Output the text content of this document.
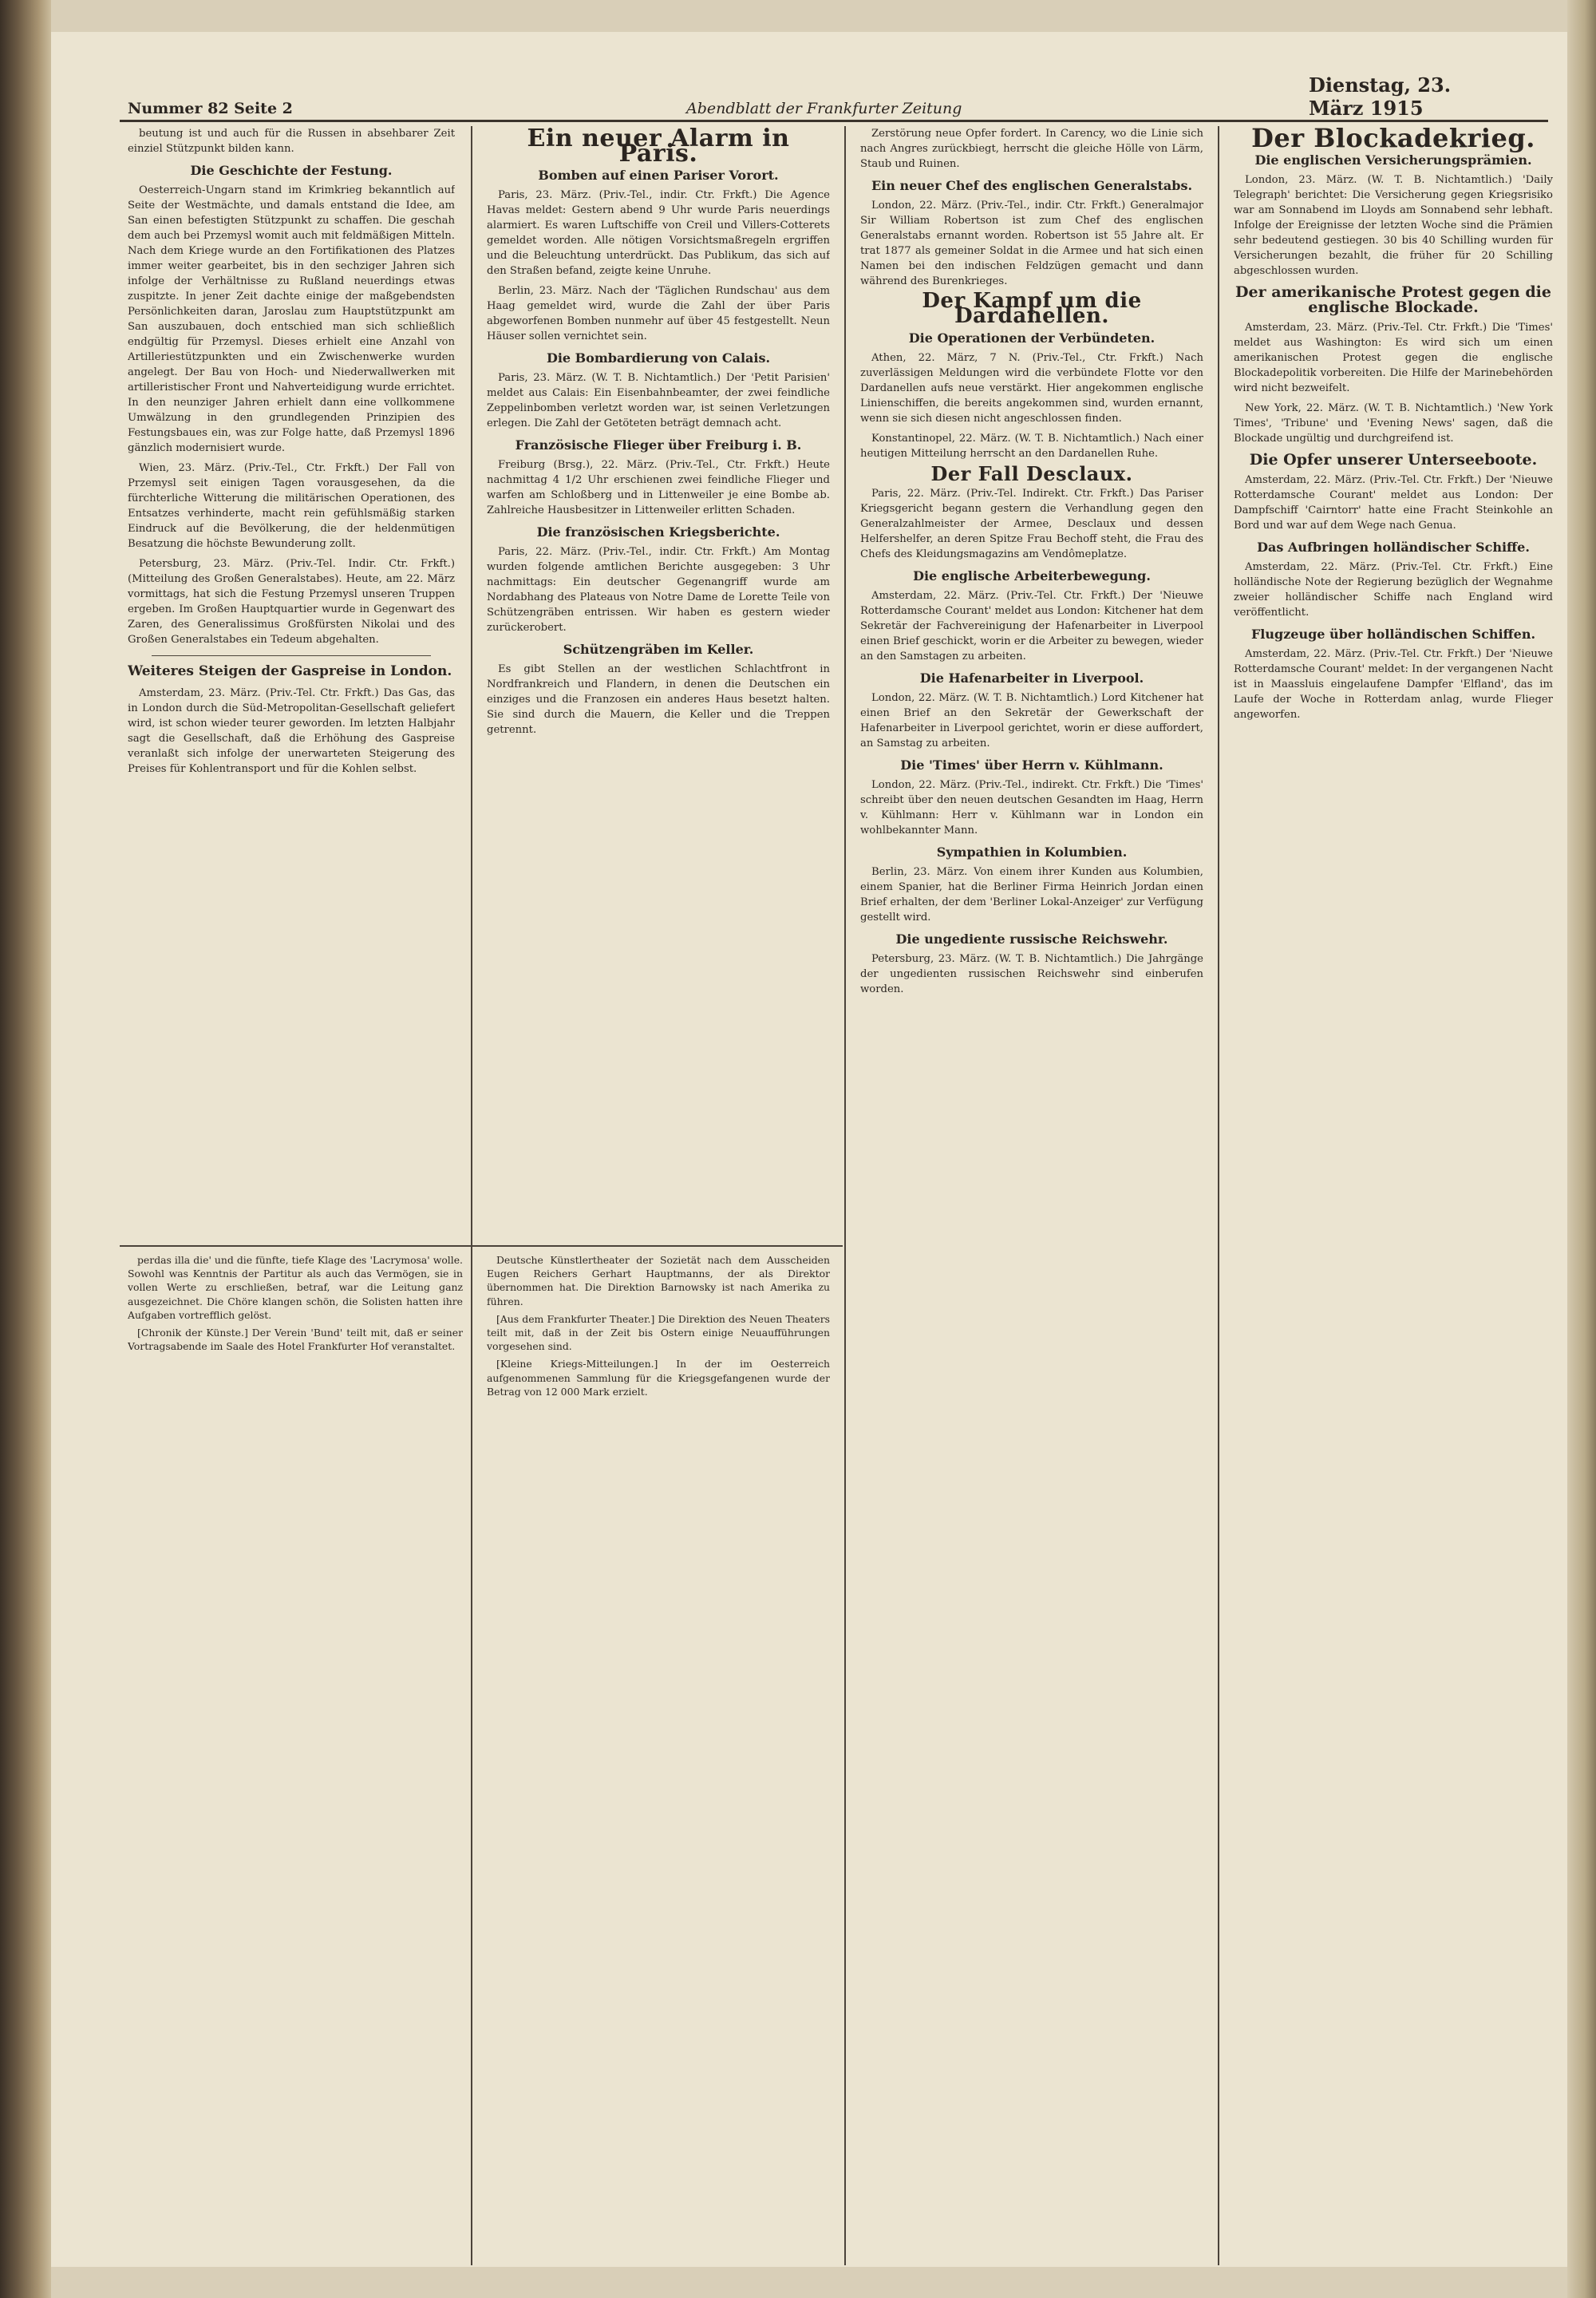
Nummer 82 Seite 2	Abendblatt der Frankfurter Zeitung
Dienstag, 23. März 1915

beutung ist und auch für die Russen in absehbarer Zeit einziel Stützpunkt bilden kann.

Die Geschichte der Festung.

Oesterreich-Ungarn stand im Krimkrieg bekanntlich auf Seite der Westmächte, und damals entstand die Idee, am San einen befestigten Stützpunkt zu schaffen. Die geschah dem auch bei Przemysl womit auch mit feldmäßigen Mitteln. Nach dem Kriege wurde an den Fortifikationen des Platzes immer weiter gearbeitet, bis in den sechziger Jahren sich infolge der Verhältnisse zu Rußland neuerdings etwas zuspitzte. In jener Zeit dachte einige der maßgebendsten Persönlichkeiten daran, Jaroslau zum Hauptstützpunkt am San auszubauen, doch entschied man sich schließlich endgültig für Przemysl. Dieses erhielt eine Anzahl von Artilleriestützpunkten und ein Zwischenwerke wurden angelegt. Der Bau von Hoch- und Niederwallwerken mit artilleristischer Front und Nahverteidigung wurde errichtet. In den neunziger Jahren erhielt dann eine vollkommene Umwälzung in den grundlegenden Prinzipien des Festungsbaues ein, was zur Folge hatte, daß Przemysl 1896 gänzlich modernisiert wurde.

Wien, 23. März. (Priv.-Tel., Ctr. Frkft.) Der Fall von Przemysl seit einigen Tagen vorausgesehen, da die fürchterliche Witterung die militärischen Operationen, des Entsatzes verhinderte, macht rein gefühlsmäßig starken Eindruck auf die Bevölkerung, die der heldenmütigen Besatzung die höchste Bewunderung zollt.

Petersburg, 23. März. (Priv.-Tel. Indir. Ctr. Frkft.) (Mitteilung des Großen Generalstabes). Heute, am 22. März vormittags, hat sich die Festung Przemysl unseren Truppen ergeben. Im Großen Hauptquartier wurde in Gegenwart des Zaren, des Generalissimus Großfürsten Nikolai und des Großen Generalstabes ein Tedeum abgehalten.

Weiteres Steigen der Gaspreise in London.

Amsterdam, 23. März. (Priv.-Tel. Ctr. Frkft.) Das Gas, das in London durch die Süd-Metropolitan-Gesellschaft geliefert wird, ist schon wieder teurer geworden. Im letzten Halbjahr sagt die Gesellschaft, daß die Erhöhung des Gaspreise veranlaßt sich infolge der unerwarteten Steigerung des Preises für Kohlentransport und für die Kohlen selbst.

Ein neuer Alarm in Paris.
Bomben auf einen Pariser Vorort.

Paris, 23. März. (Priv.-Tel., indir. Ctr. Frkft.) Die Agence Havas meldet: Gestern abend 9 Uhr wurde Paris neuerdings alarmiert. Es waren Luftschiffe von Creil und Villers-Cotterets gemeldet worden. Alle nötigen Vorsichtsmaßregeln ergriffen und die Beleuchtung unterdrückt. Das Publikum, das sich auf den Straßen befand, zeigte keine Unruhe.

Berlin, 23. März. Nach der 'Täglichen Rundschau' aus dem Haag gemeldet wird, wurde die Zahl der über Paris abgeworfenen Bomben nunmehr auf über 45 festgestellt. Neun Häuser sollen vernichtet sein.

Die Bombardierung von Calais.

Paris, 23. März. (W. T. B. Nichtamtlich.) Der 'Petit Parisien' meldet aus Calais: Ein Eisenbahnbeamter, der zwei feindliche Zeppelinbomben verletzt worden war, ist seinen Verletzungen erlegen. Die Zahl der Getöteten beträgt demnach acht.

Französische Flieger über Freiburg i. B.

Freiburg (Brsg.), 22. März. (Priv.-Tel., Ctr. Frkft.) Heute nachmittag 4 1/2 Uhr erschienen zwei feindliche Flieger und warfen am Schloßberg und in Littenweiler je eine Bombe ab. Zahlreiche Hausbesitzer in Littenweiler erlitten Schaden.

Die französischen Kriegsberichte.

Paris, 22. März. (Priv.-Tel., indir. Ctr. Frkft.) Am Montag wurden folgende amtlichen Berichte ausgegeben: 3 Uhr nachmittags: Ein deutscher Gegenangriff wurde am Nordabhang des Plateaus von Notre Dame de Lorette Teile von Schützengräben entrissen. Wir haben es gestern wieder zurückerobert.

Schützengräben im Keller.

Es gibt Stellen an der westlichen Schlachtfront in Nordfrankreich und Flandern, in denen die Deutschen ein einziges und die Franzosen ein anderes Haus besetzt halten. Sie sind durch die Mauern, die Keller und die Treppen getrennt.

Zerstörung neue Opfer fordert. In Carency, wo die Linie sich nach Angres zurückbiegt, herrscht die gleiche Hölle von Lärm, Staub und Ruinen.

Ein neuer Chef des englischen Generalstabs.

London, 22. März. (Priv.-Tel., indir. Ctr. Frkft.) Generalmajor Sir William Robertson ist zum Chef des englischen Generalstabs ernannt worden. Robertson ist 55 Jahre alt. Er trat 1877 als gemeiner Soldat in die Armee und hat sich einen Namen bei den indischen Feldzügen gemacht und dann während des Burenkrieges.

Der Kampf um die Dardanellen.
Die Operationen der Verbündeten.

Athen, 22. März, 7 N. (Priv.-Tel., Ctr. Frkft.) Nach zuverlässigen Meldungen wird die verbündete Flotte vor den Dardanellen aufs neue verstärkt. Hier angekommen englische Linienschiffen, die bereits angekommen sind, wurden ernannt, wenn sie sich diesen nicht angeschlossen finden.

Konstantinopel, 22. März. (W. T. B. Nichtamtlich.) Nach einer heutigen Mitteilung herrscht an den Dardanellen Ruhe.

Der Fall Desclaux.

Paris, 22. März. (Priv.-Tel. Indirekt. Ctr. Frkft.) Das Pariser Kriegsgericht begann gestern die Verhandlung gegen den Generalzahlmeister der Armee, Desclaux und dessen Helfershelfer, an deren Spitze Frau Bechoff steht, die Frau des Chefs des Kleidungsmagazins am Vendômeplatze.

Die englische Arbeiterbewegung.

Amsterdam, 22. März. (Priv.-Tel. Ctr. Frkft.) Der 'Nieuwe Rotterdamsche Courant' meldet aus London: Kitchener hat dem Sekretär der Fachvereinigung der Hafenarbeiter in Liverpool einen Brief geschickt, worin er die Arbeiter zu bewegen, wieder an den Samstagen zu arbeiten.

Die Hafenarbeiter in Liverpool.

London, 22. März. (W. T. B. Nichtamtlich.) Lord Kitchener hat einen Brief an den Sekretär der Gewerkschaft der Hafenarbeiter in Liverpool gerichtet, worin er diese auffordert, an Samstag zu arbeiten.

Die 'Times' über Herrn v. Kühlmann.

London, 22. März. (Priv.-Tel., indirekt. Ctr. Frkft.) Die 'Times' schreibt über den neuen deutschen Gesandten im Haag, Herrn v. Kühlmann: Herr v. Kühlmann war in London ein wohlbekannter Mann.

Sympathien in Kolumbien.

Berlin, 23. März. Von einem ihrer Kunden aus Kolumbien, einem Spanier, hat die Berliner Firma Heinrich Jordan einen Brief erhalten, der dem 'Berliner Lokal-Anzeiger' zur Verfügung gestellt wird.

Die ungediente russische Reichswehr.

Petersburg, 23. März. (W. T. B. Nichtamtlich.) Die Jahrgänge der ungedienten russischen Reichswehr sind einberufen worden.

Der Blockadekrieg.
Die englischen Versicherungsprämien.

London, 23. März. (W. T. B. Nichtamtlich.) 'Daily Telegraph' berichtet: Die Versicherung gegen Kriegsrisiko war am Sonnabend im Lloyds am Sonnabend sehr lebhaft. Infolge der Ereignisse der letzten Woche sind die Prämien sehr bedeutend gestiegen. 30 bis 40 Schilling wurden für Versicherungen bezahlt, die früher für 20 Schilling abgeschlossen wurden.

Der amerikanische Protest gegen die englische Blockade.

Amsterdam, 23. März. (Priv.-Tel. Ctr. Frkft.) Die 'Times' meldet aus Washington: Es wird sich um einen amerikanischen Protest gegen die englische Blockadepolitik vorbereiten. Die Hilfe der Marinebehörden wird nicht bezweifelt.

New York, 22. März. (W. T. B. Nichtamtlich.) 'New York Times', 'Tribune' und 'Evening News' sagen, daß die Blockade ungültig und durchgreifend ist.

Die Opfer unserer Unterseeboote.

Amsterdam, 22. März. (Priv.-Tel. Ctr. Frkft.) Der 'Nieuwe Rotterdamsche Courant' meldet aus London: Der Dampfschiff 'Cairntorr' hatte eine Fracht Steinkohle an Bord und war auf dem Wege nach Genua.

Das Aufbringen holländischer Schiffe.

Amsterdam, 22. März. (Priv.-Tel. Ctr. Frkft.) Eine holländische Note der Regierung bezüglich der Wegnahme zweier holländischer Schiffe nach England wird veröffentlicht.

Flugzeuge über holländischen Schiffen.

Amsterdam, 22. März. (Priv.-Tel. Ctr. Frkft.) Der 'Nieuwe Rotterdamsche Courant' meldet: In der vergangenen Nacht ist in Maassluis eingelaufene Dampfer 'Elfland', das im Laufe der Woche in Rotterdam anlag, wurde Flieger angeworfen.

perdas illa die' und die fünfte, tiefe Klage des 'Lacrymosa' wolle. Sowohl was Kenntnis der Partitur als auch das Vermögen, sie in vollen Werte zu erschließen, betraf, war die Leitung ganz ausgezeichnet. Die Chöre klangen schön, die Solisten hatten ihre Aufgaben vortrefflich gelöst.

[Chronik der Künste.] Der Verein 'Bund' teilt mit, daß er seiner Vortragsabende im Saale des Hotel Frankfurter Hof veranstaltet.

Deutsche Künstlertheater der Sozietät nach dem Ausscheiden Eugen Reichers Gerhart Hauptmanns, der als Direktor übernommen hat. Die Direktion Barnowsky ist nach Amerika zu führen.

[Aus dem Frankfurter Theater.] Die Direktion des Neuen Theaters teilt mit, daß in der Zeit bis Ostern einige Neuaufführungen vorgesehen sind.

[Kleine Kriegs-Mitteilungen.] In der im Oesterreich aufgenommenen Sammlung für die Kriegsgefangenen wurde der Betrag von 12 000 Mark erzielt.
